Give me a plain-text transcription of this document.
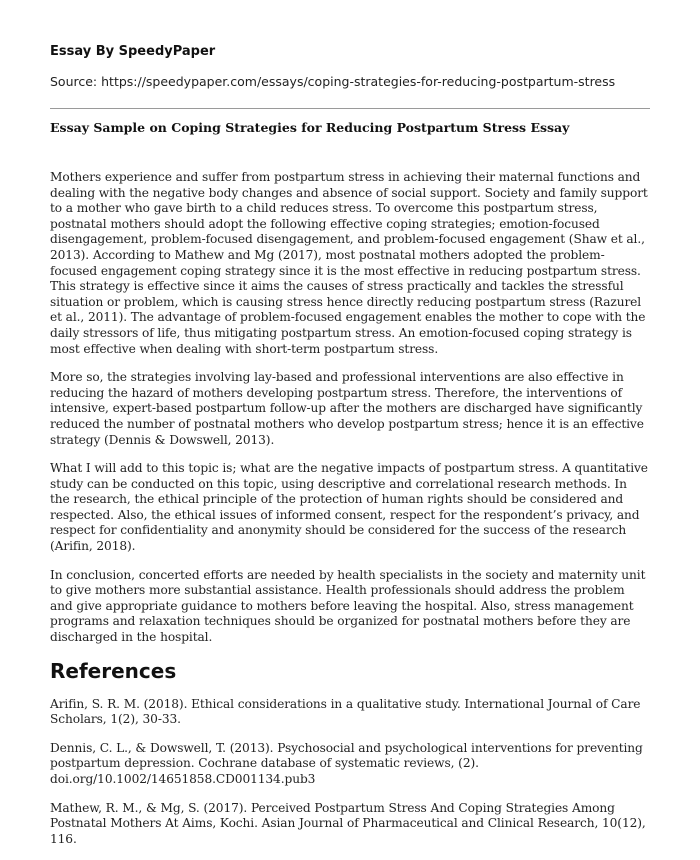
Essay By SpeedyPaper
Source: https://speedypaper.com/essays/coping-strategies-for-reducing-postpartum-stress
Essay Sample on Coping Strategies for Reducing Postpartum Stress Essay

Mothers experience and suffer from postpartum stress in achieving their maternal functions and dealing with the negative body changes and absence of social support. Society and family support to a mother who gave birth to a child reduces stress. To overcome this postpartum stress, postnatal mothers should adopt the following effective coping strategies; emotion-focused disengagement, problem-focused disengagement, and problem-focused engagement (Shaw et al., 2013). According to Mathew and Mg (2017), most postnatal mothers adopted the problem-focused engagement coping strategy since it is the most effective in reducing postpartum stress. This strategy is effective since it aims the causes of stress practically and tackles the stressful situation or problem, which is causing stress hence directly reducing postpartum stress (Razurel et al., 2011). The advantage of problem-focused engagement enables the mother to cope with the daily stressors of life, thus mitigating postpartum stress. An emotion-focused coping strategy is most effective when dealing with short-term postpartum stress.

More so, the strategies involving lay-based and professional interventions are also effective in reducing the hazard of mothers developing postpartum stress. Therefore, the interventions of intensive, expert-based postpartum follow-up after the mothers are discharged have significantly reduced the number of postnatal mothers who develop postpartum stress; hence it is an effective strategy (Dennis & Dowswell, 2013).

What I will add to this topic is; what are the negative impacts of postpartum stress. A quantitative study can be conducted on this topic, using descriptive and correlational research methods. In the research, the ethical principle of the protection of human rights should be considered and respected. Also, the ethical issues of informed consent, respect for the respondent’s privacy, and respect for confidentiality and anonymity should be considered for the success of the research (Arifin, 2018).

In conclusion, concerted efforts are needed by health specialists in the society and maternity unit to give mothers more substantial assistance. Health professionals should address the problem and give appropriate guidance to mothers before leaving the hospital. Also, stress management programs and relaxation techniques should be organized for postnatal mothers before they are discharged in the hospital.

References

Arifin, S. R. M. (2018). Ethical considerations in a qualitative study. International Journal of Care Scholars, 1(2), 30-33.

Dennis, C. L., & Dowswell, T. (2013). Psychosocial and psychological interventions for preventing postpartum depression. Cochrane database of systematic reviews, (2). doi.org/10.1002/14651858.CD001134.pub3

Mathew, R. M., & Mg, S. (2017). Perceived Postpartum Stress And Coping Strategies Among Postnatal Mothers At Aims, Kochi. Asian Journal of Pharmaceutical and Clinical Research, 10(12), 116.
